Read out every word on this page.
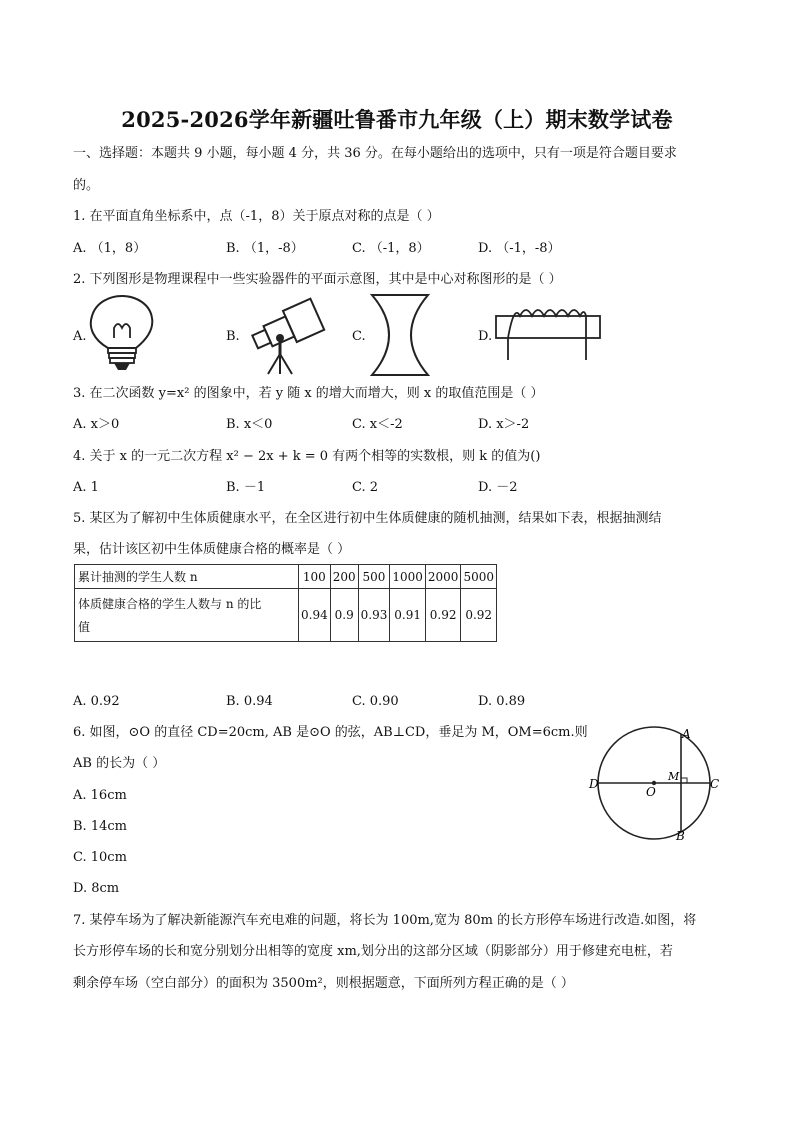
2025-2026学年新疆吐鲁番市九年级（上）期末数学试卷
一、选择题：本题共 9 小题，每小题 4 分，共 36 分。在每小题给出的选项中，只有一项是符合题目要求
的。
1. 在平面直角坐标系中，点（-1，8）关于原点对称的点是（ ）
A. （1，8）	B. （1，-8）	C. （-1，8）	D. （-1，-8）
2. 下列图形是物理课程中一些实验器件的平面示意图，其中是中心对称图形的是（ ）
A.	B.	C.	D.
3. 在二次函数 y=x² 的图象中，若 y 随 x 的增大而增大，则 x 的取值范围是（ ）
A. x＞0	B. x＜0	C. x＜-2	D. x＞-2
4. 关于 x 的一元二次方程 x² − 2x + k = 0 有两个相等的实数根，则 k 的值为()
A. 1	B. －1	C. 2	D. －2
5. 某区为了解初中生体质健康水平，在全区进行初中生体质健康的随机抽测，结果如下表，根据抽测结
果，估计该区初中生体质健康合格的概率是（ ）
累计抽测的学生人数 n	100	200	500	1000	2000	5000

体质健康合格的学生人数与 n 的比
值	0.94	0.9	0.93	0.91	0.92	0.92
A. 0.92	B. 0.94	C. 0.90	D. 0.89
6. 如图，⊙O 的直径 CD=20cm, AB 是⊙O 的弦，AB⊥CD，垂足为 M，OM=6cm.则
AB 的长为（ ）
A. 16cm
B. 14cm
C. 10cm
D. 8cm
A
B
C
D
O
M
7. 某停车场为了解决新能源汽车充电难的问题，将长为 100m,宽为 80m 的长方形停车场进行改造.如图，将
长方形停车场的长和宽分别划分出相等的宽度 xm,划分出的这部分区域（阴影部分）用于修建充电桩，若
剩余停车场（空白部分）的面积为 3500m²，则根据题意，下面所列方程正确的是（ ）
